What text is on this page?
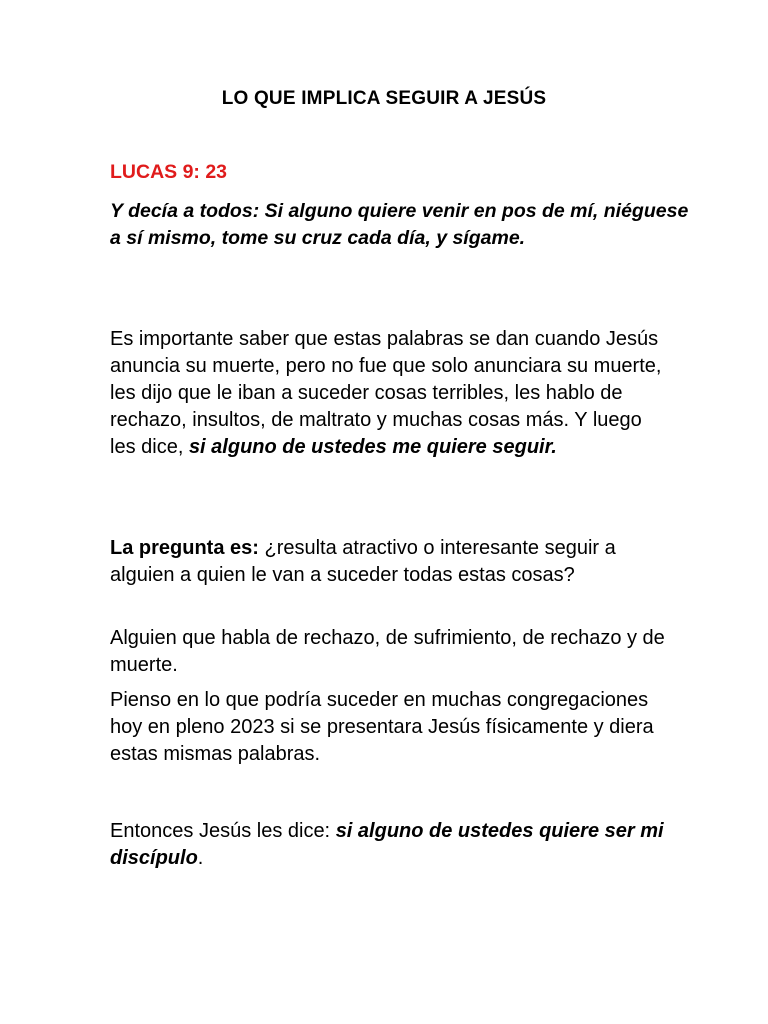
LO QUE IMPLICA SEGUIR A JESÚS
LUCAS 9: 23
Y decía a todos: Si alguno quiere venir en pos de mí, niéguese a sí mismo, tome su cruz cada día, y sígame.
Es importante saber que estas palabras se dan cuando Jesús anuncia su muerte, pero no fue que solo anunciara su muerte, les dijo que le iban a suceder cosas terribles, les hablo de rechazo, insultos, de maltrato y muchas cosas más. Y luego les dice, si alguno de ustedes me quiere seguir.
La pregunta es: ¿resulta atractivo o interesante seguir a alguien a quien le van a suceder todas estas cosas?
Alguien que habla de rechazo, de sufrimiento, de rechazo y de muerte.
Pienso en lo que podría suceder en muchas congregaciones hoy en pleno 2023 si se presentara Jesús físicamente y diera estas mismas palabras.
Entonces Jesús les dice: si alguno de ustedes quiere ser mi discípulo.
